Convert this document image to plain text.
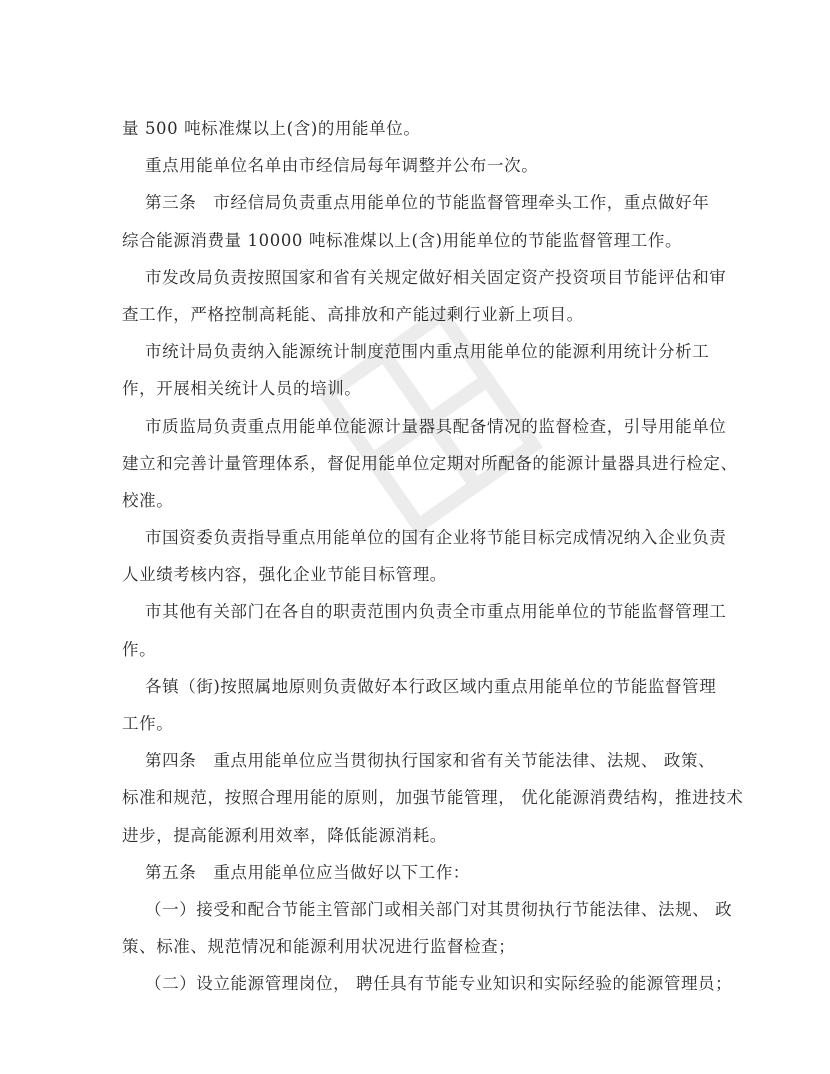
量 500 吨标准煤以上(含)的用能单位。
重点用能单位名单由市经信局每年调整并公布一次。
第三条　市经信局负责重点用能单位的节能监督管理牵头工作，重点做好年
综合能源消费量 10000 吨标准煤以上(含)用能单位的节能监督管理工作。
市发改局负责按照国家和省有关规定做好相关固定资产投资项目节能评估和审
查工作，严格控制高耗能、高排放和产能过剩行业新上项目。
市统计局负责纳入能源统计制度范围内重点用能单位的能源利用统计分析工
作，开展相关统计人员的培训。
市质监局负责重点用能单位能源计量器具配备情况的监督检查，引导用能单位
建立和完善计量管理体系，督促用能单位定期对所配备的能源计量器具进行检定、
校准。
市国资委负责指导重点用能单位的国有企业将节能目标完成情况纳入企业负责
人业绩考核内容，强化企业节能目标管理。
市其他有关部门在各自的职责范围内负责全市重点用能单位的节能监督管理工
作。
各镇（街)按照属地原则负责做好本行政区域内重点用能单位的节能监督管理
工作。
第四条　重点用能单位应当贯彻执行国家和省有关节能法律、法规、 政策、
标准和规范，按照合理用能的原则，加强节能管理， 优化能源消费结构，推进技术
进步，提高能源利用效率，降低能源消耗。
第五条　重点用能单位应当做好以下工作：
（一）接受和配合节能主管部门或相关部门对其贯彻执行节能法律、法规、 政
策、标准、规范情况和能源利用状况进行监督检查；
（二）设立能源管理岗位， 聘任具有节能专业知识和实际经验的能源管理员；
